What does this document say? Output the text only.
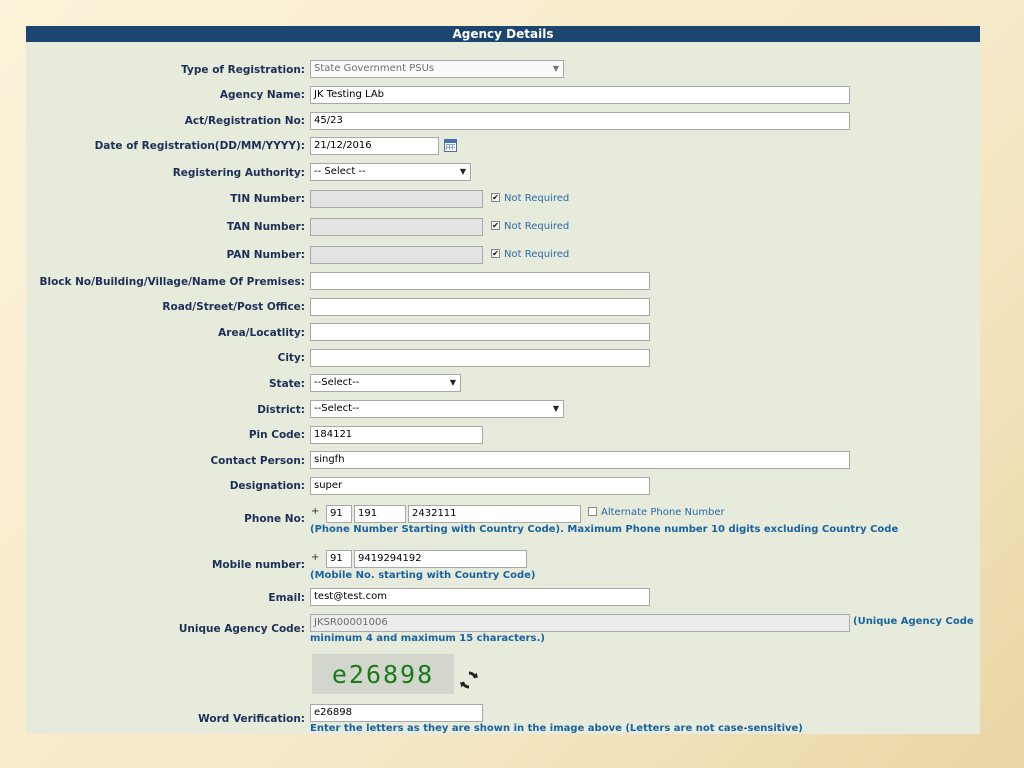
Agency Details
Type of Registration: State Government PSUs	▼
Agency Name: JK Testing LAb
Act/Registration No: 45/23
Date of Registration(DD/MM/YYYY): 21/12/2016
Registering Authority: -- Select --	▼
TIN Number:	✔ Not Required
TAN Number:	✔ Not Required
PAN Number:	✔ Not Required
Block No/Building/Village/Name Of Premises:
Road/Street/Post Office:
Area/Locatlity:
City:
State: --Select--	▼
District: --Select--	▼
Pin Code: 184121
Contact Person: singfh
Designation: super
Phone No:
+	91	191	2432111	Alternate Phone Number
(Phone Number Starting with Country Code). Maximum Phone number 10 digits excluding Country Code
Mobile number:
+	91	9419294192
(Mobile No. starting with Country Code)
Email: test@test.com
Unique Agency Code:
JKSR00001006	(Unique Agency Code
minimum 4 and maximum 15 characters.)
e26898
Word Verification:
e26898
Enter the letters as they are shown in the image above (Letters are not case-sensitive)
